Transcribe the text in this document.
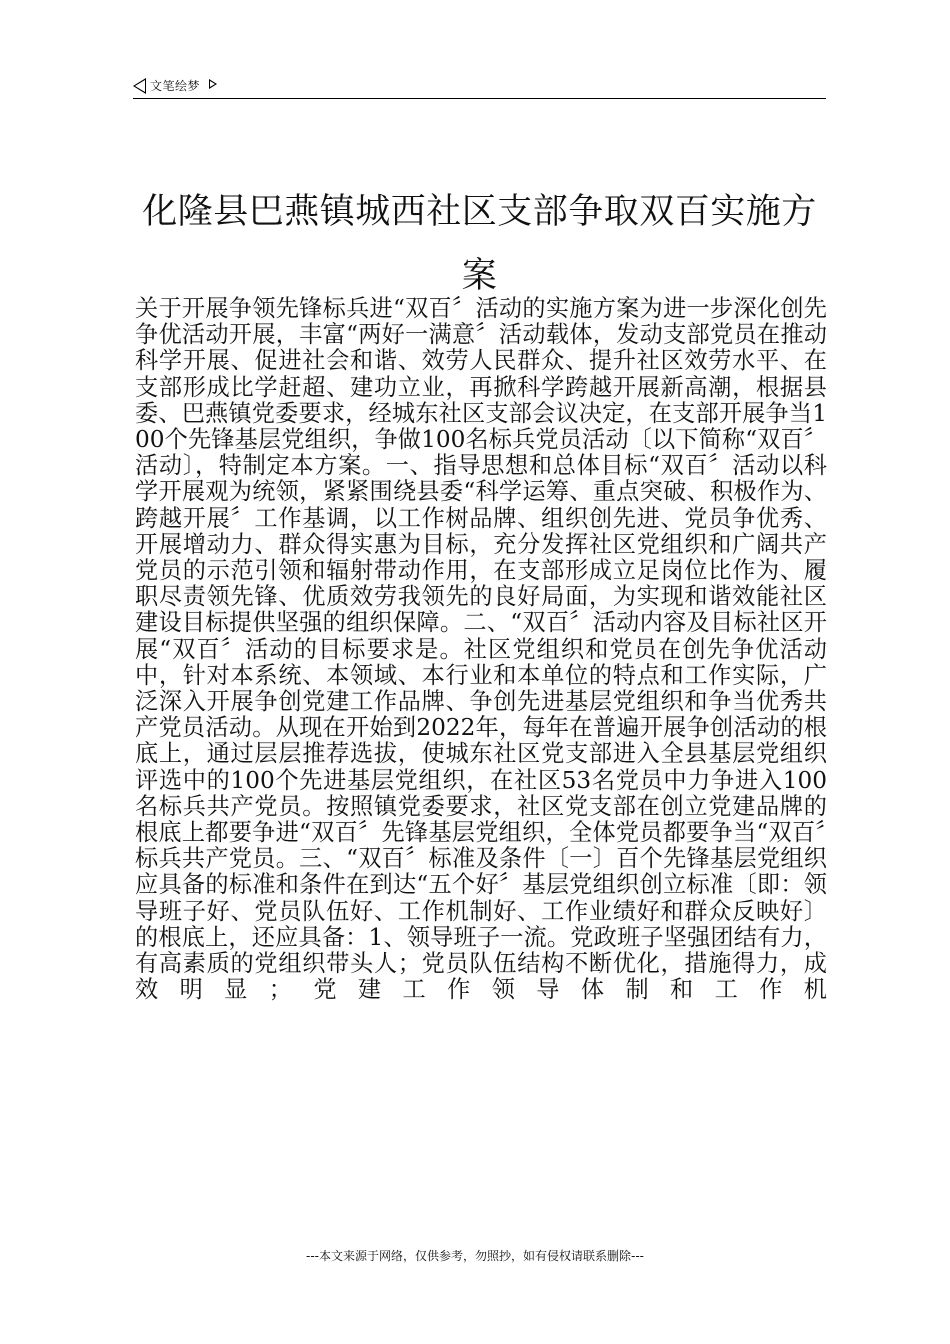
文笔绘梦
化隆县巴燕镇城西社区支部争取双百实施方案

关于开展争领先锋标兵进“双百〞活动的实施方案为进一步深化创先争优活动开展，丰富“两好一满意〞活动载体，发动支部党员在推动科学开展、促进社会和谐、效劳人民群众、提升社区效劳水平、在支部形成比学赶超、建功立业，再掀科学跨越开展新高潮，根据县委、巴燕镇党委要求，经城东社区支部会议决定，在支部开展争当100个先锋基层党组织，争做100名标兵党员活动〔以下简称“双百〞活动〕，特制定本方案。一、指导思想和总体目标“双百〞活动以科学开展观为统领，紧紧围绕县委“科学运筹、重点突破、积极作为、跨越开展〞工作基调，以工作树品牌、组织创先进、党员争优秀、开展增动力、群众得实惠为目标，充分发挥社区党组织和广阔共产党员的示范引领和辐射带动作用，在支部形成立足岗位比作为、履职尽责领先锋、优质效劳我领先的良好局面，为实现和谐效能社区建设目标提供坚强的组织保障。二、“双百〞活动内容及目标社区开展“双百〞活动的目标要求是。社区党组织和党员在创先争优活动中，针对本系统、本领域、本行业和本单位的特点和工作实际，广泛深入开展争创党建工作品牌、争创先进基层党组织和争当优秀共产党员活动。从现在开始到2022年，每年在普遍开展争创活动的根底上，通过层层推荐选拔，使城东社区党支部进入全县基层党组织评选中的100个先进基层党组织，在社区53名党员中力争进入100名标兵共产党员。按照镇党委要求，社区党支部在创立党建品牌的根底上都要争进“双百〞先锋基层党组织，全体党员都要争当“双百〞标兵共产党员。三、“双百〞标准及条件〔一〕百个先锋基层党组织应具备的标准和条件在到达“五个好〞基层党组织创立标准〔即：领导班子好、党员队伍好、工作机制好、工作业绩好和群众反映好〕的根底上，还应具备：1、领导班子一流。党政班子坚强团结有力，有高素质的党组织带头人；党员队伍结构不断优化，措施得力，成效明显；党建工作领导体制和工作机

---本文来源于网络，仅供参考，勿照抄，如有侵权请联系删除---
